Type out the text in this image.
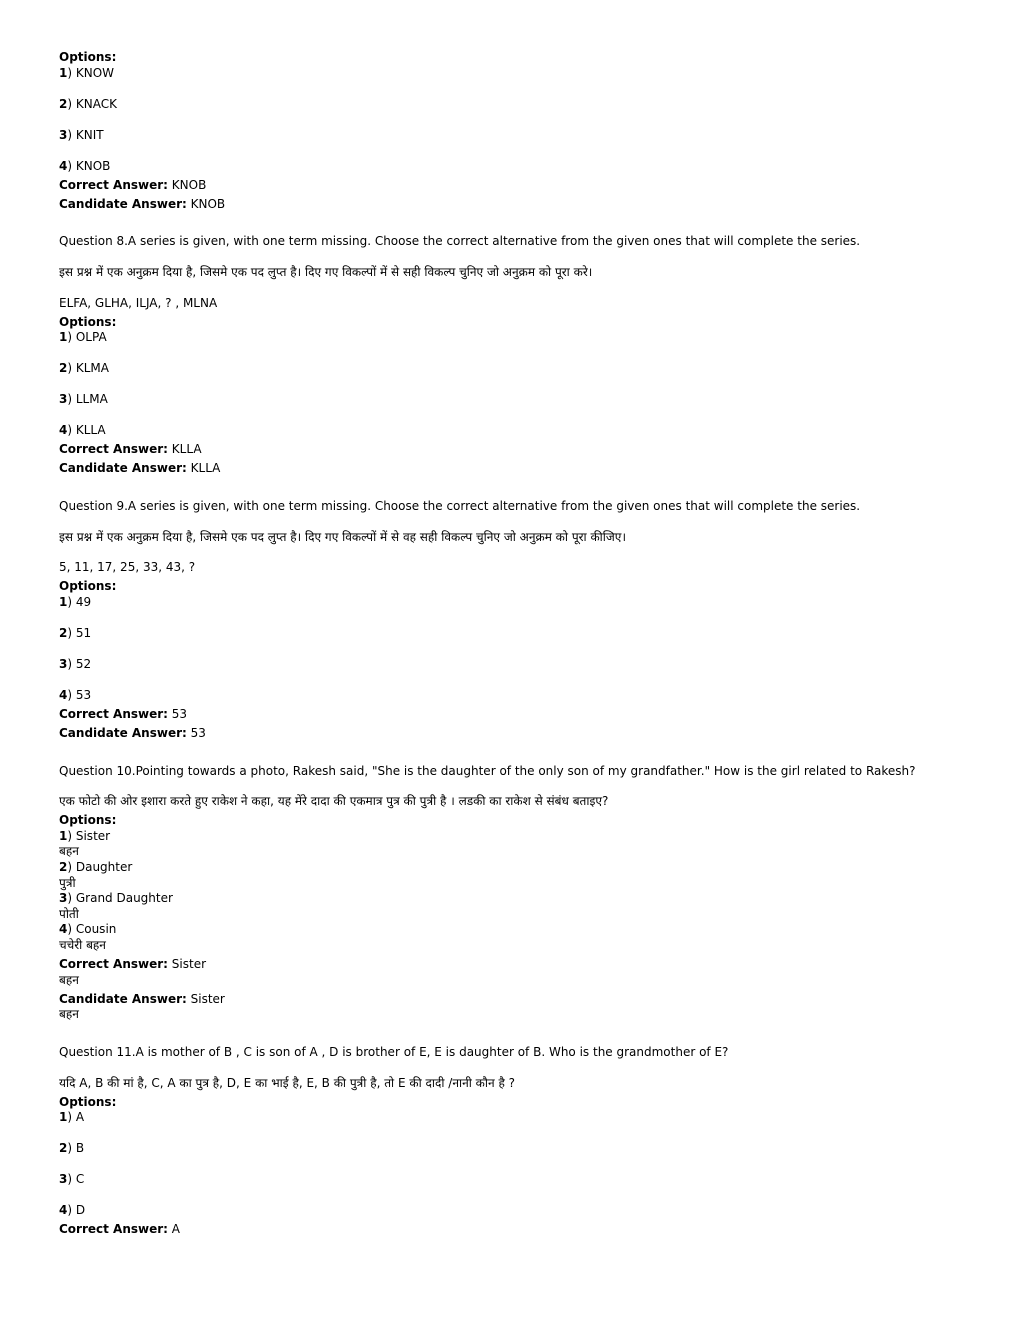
Options:
1) KNOW
2) KNACK
3) KNIT
4) KNOB
Correct Answer: KNOB
Candidate Answer: KNOB
Question 8.A series is given, with one term missing. Choose the correct alternative from the given ones that will complete the series.
इस प्रश्न में एक अनुक्रम दिया है, जिसमे एक पद लुप्त है। दिए गए विकल्पों में से सही विकल्प चुनिए जो अनुक्रम को पूरा करे।
ELFA, GLHA, ILJA, ? , MLNA
Options:
1) OLPA
2) KLMA
3) LLMA
4) KLLA
Correct Answer: KLLA
Candidate Answer: KLLA
Question 9.A series is given, with one term missing. Choose the correct alternative from the given ones that will complete the series.
इस प्रश्न में एक अनुक्रम दिया है, जिसमे एक पद लुप्त है। दिए गए विकल्पों में से वह सही विकल्प चुनिए जो अनुक्रम को पूरा कीजिए।
5, 11, 17, 25, 33, 43, ?
Options:
1) 49
2) 51
3) 52
4) 53
Correct Answer: 53
Candidate Answer: 53
Question 10.Pointing towards a photo, Rakesh said, "She is the daughter of the only son of my grandfather." How is the girl related to Rakesh?
एक फोटो की ओर इशारा करते हुए राकेश ने कहा, यह मेंरे दादा की एकमात्र पुत्र की पुत्री है । लडकी का राकेश से संबंध बताइए?
Options:
1) Sister
बहन
2) Daughter
पुत्री
3) Grand Daughter
पोती
4) Cousin
चचेरी बहन
Correct Answer: Sister
बहन
Candidate Answer: Sister
बहन
Question 11.A is mother of B , C is son of A , D is brother of E, E is daughter of B. Who is the grandmother of E?
यदि A, B की मां है, C, A का पुत्र है, D, E का भाई है, E, B की पुत्री है, तो E की दादी /नानी कौन है ?
Options:
1) A
2) B
3) C
4) D
Correct Answer: A
